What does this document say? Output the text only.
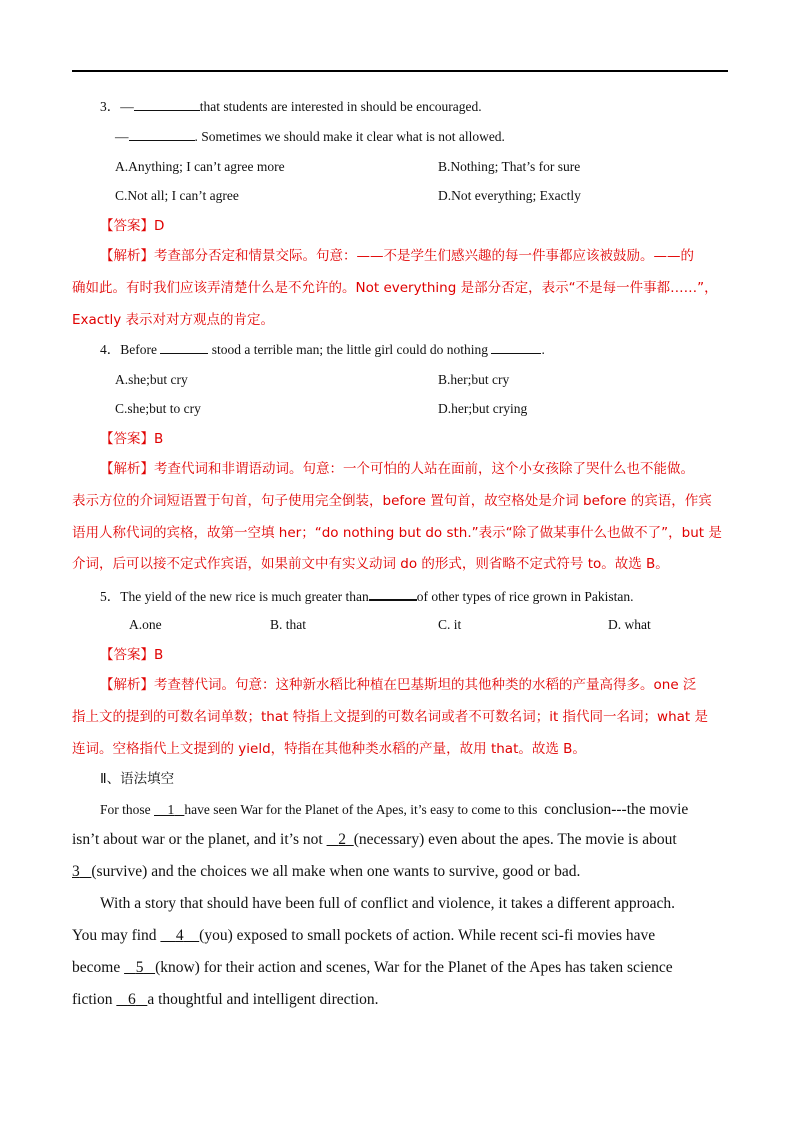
3．—	that students are interested in should be encouraged.
—	. Sometimes we should make it clear what is not allowed.
A.Anything; I can’t agree more	B.Nothing; That’s for sure
C.Not all; I can’t agree	D.Not everything; Exactly
【答案】D
【解析】考查部分否定和情景交际。句意：——不是学生们感兴趣的每一件事都应该被鼓励。——的
确如此。有时我们应该弄清楚什么是不允许的。Not everything 是部分否定，表示“不是每一件事都……”，
Exactly 表示对对方观点的肯定。
4．Before	stood a terrible man; the little girl could do nothing	.
A.she;but cry	B.her;but cry
C.she;but to cry	D.her;but crying
【答案】B
【解析】考查代词和非谓语动词。句意：一个可怕的人站在面前，这个小女孩除了哭什么也不能做。
表示方位的介词短语置于句首，句子使用完全倒装，before 置句首，故空格处是介词 before 的宾语，作宾
语用人称代词的宾格，故第一空填 her；“do nothing but do sth.”表示“除了做某事什么也做不了”，but 是
介词，后可以接不定式作宾语，如果前文中有实义动词 do 的形式，则省略不定式符号 to。故选 B。
5．The yield of the new rice is much greater than	of other types of rice grown in Pakistan.
A.one	B. that	C. it	D. what
【答案】B
【解析】考查替代词。句意：这种新水稻比种植在巴基斯坦的其他种类的水稻的产量高得多。one 泛
指上文的提到的可数名词单数；that 特指上文提到的可数名词或者不可数名词；it 指代同一名词；what 是
连词。空格指代上文提到的 yield，特指在其他种类水稻的产量，故用 that。故选 B。
Ⅱ、语法填空
For those 1 have seen War for the Planet of the Apes, it’s easy to come to this conclusion---the movie
isn’t about war or the planet, and it’s not 2 (necessary) even about the apes. The movie is about
3 (survive) and the choices we all make when one wants to survive, good or bad.
With a story that should have been full of conflict and violence, it takes a different approach.
You may find 4 (you) exposed to small pockets of action. While recent sci-fi movies have
become 5 (know) for their action and scenes, War for the Planet of the Apes has taken science
fiction 6 a thoughtful and intelligent direction.
